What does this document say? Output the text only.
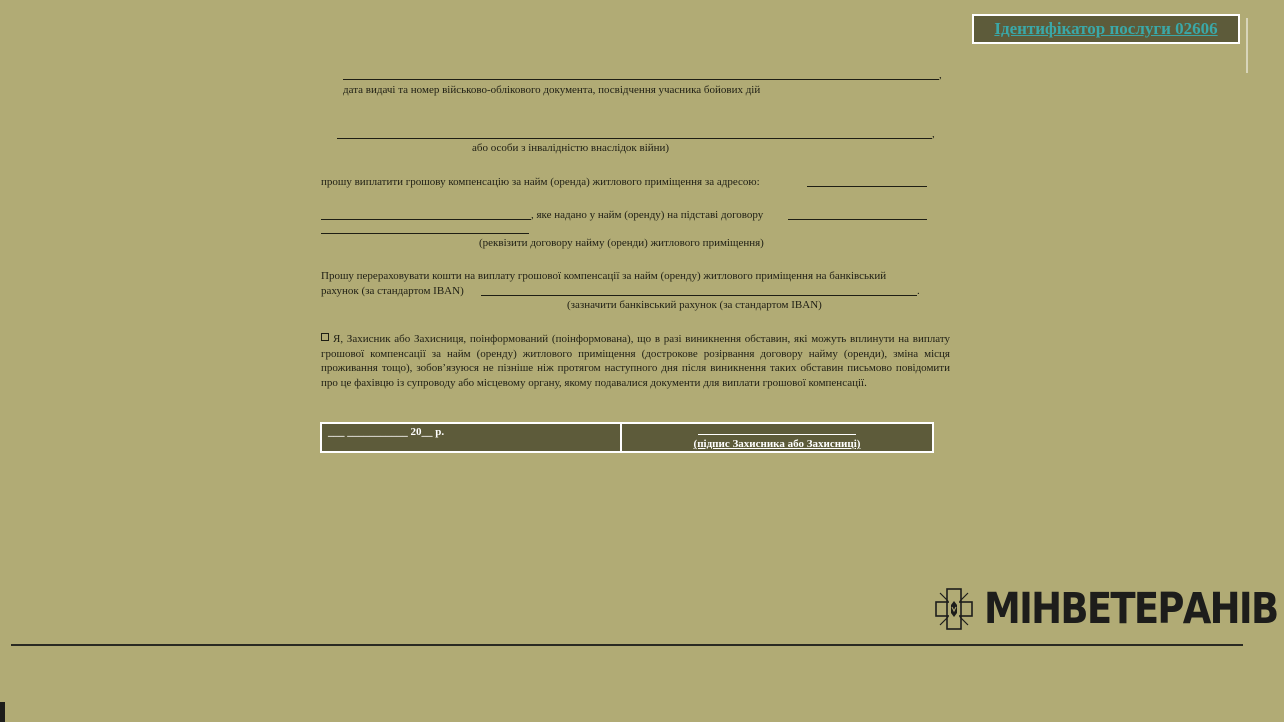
Ідентифікатор послуги 02606
,
дата видачі та номер військово-облікового документа, посвідчення учасника бойових дій
,
або особи з інвалідністю внаслідок війни)
прошу виплатити грошову компенсацію за найм (оренда) житлового приміщення за адресою:
, яке надано у найм (оренду) на підставі договору
(реквізити договору найму (оренди) житлового приміщення)
Прошу перераховувати кошти на виплату грошової компенсації за найм (оренду) житлового приміщення на банківський
рахунок (за стандартом IBAN)	.
(зазначити банківський рахунок (за стандартом IBAN)
Я, Захисник або Захисниця, поінформований (поінформована), що в разі виникнення обставин, які можуть вплинути на виплату грошової компенсації за найм (оренду) житлового приміщення (дострокове розірвання договору найму (оренди), зміна місця проживання тощо), зобов’язуюся не пізніше ніж протягом наступного дня після виникнення таких обставин письмово повідомити про це фахівцю із супроводу або місцевому органу, якому подавалися документи для виплати грошової компенсації.
___ ___________ 20__ р.
(підпис Захисника або Захисниці)
МІНВЕТЕРАНІВ
